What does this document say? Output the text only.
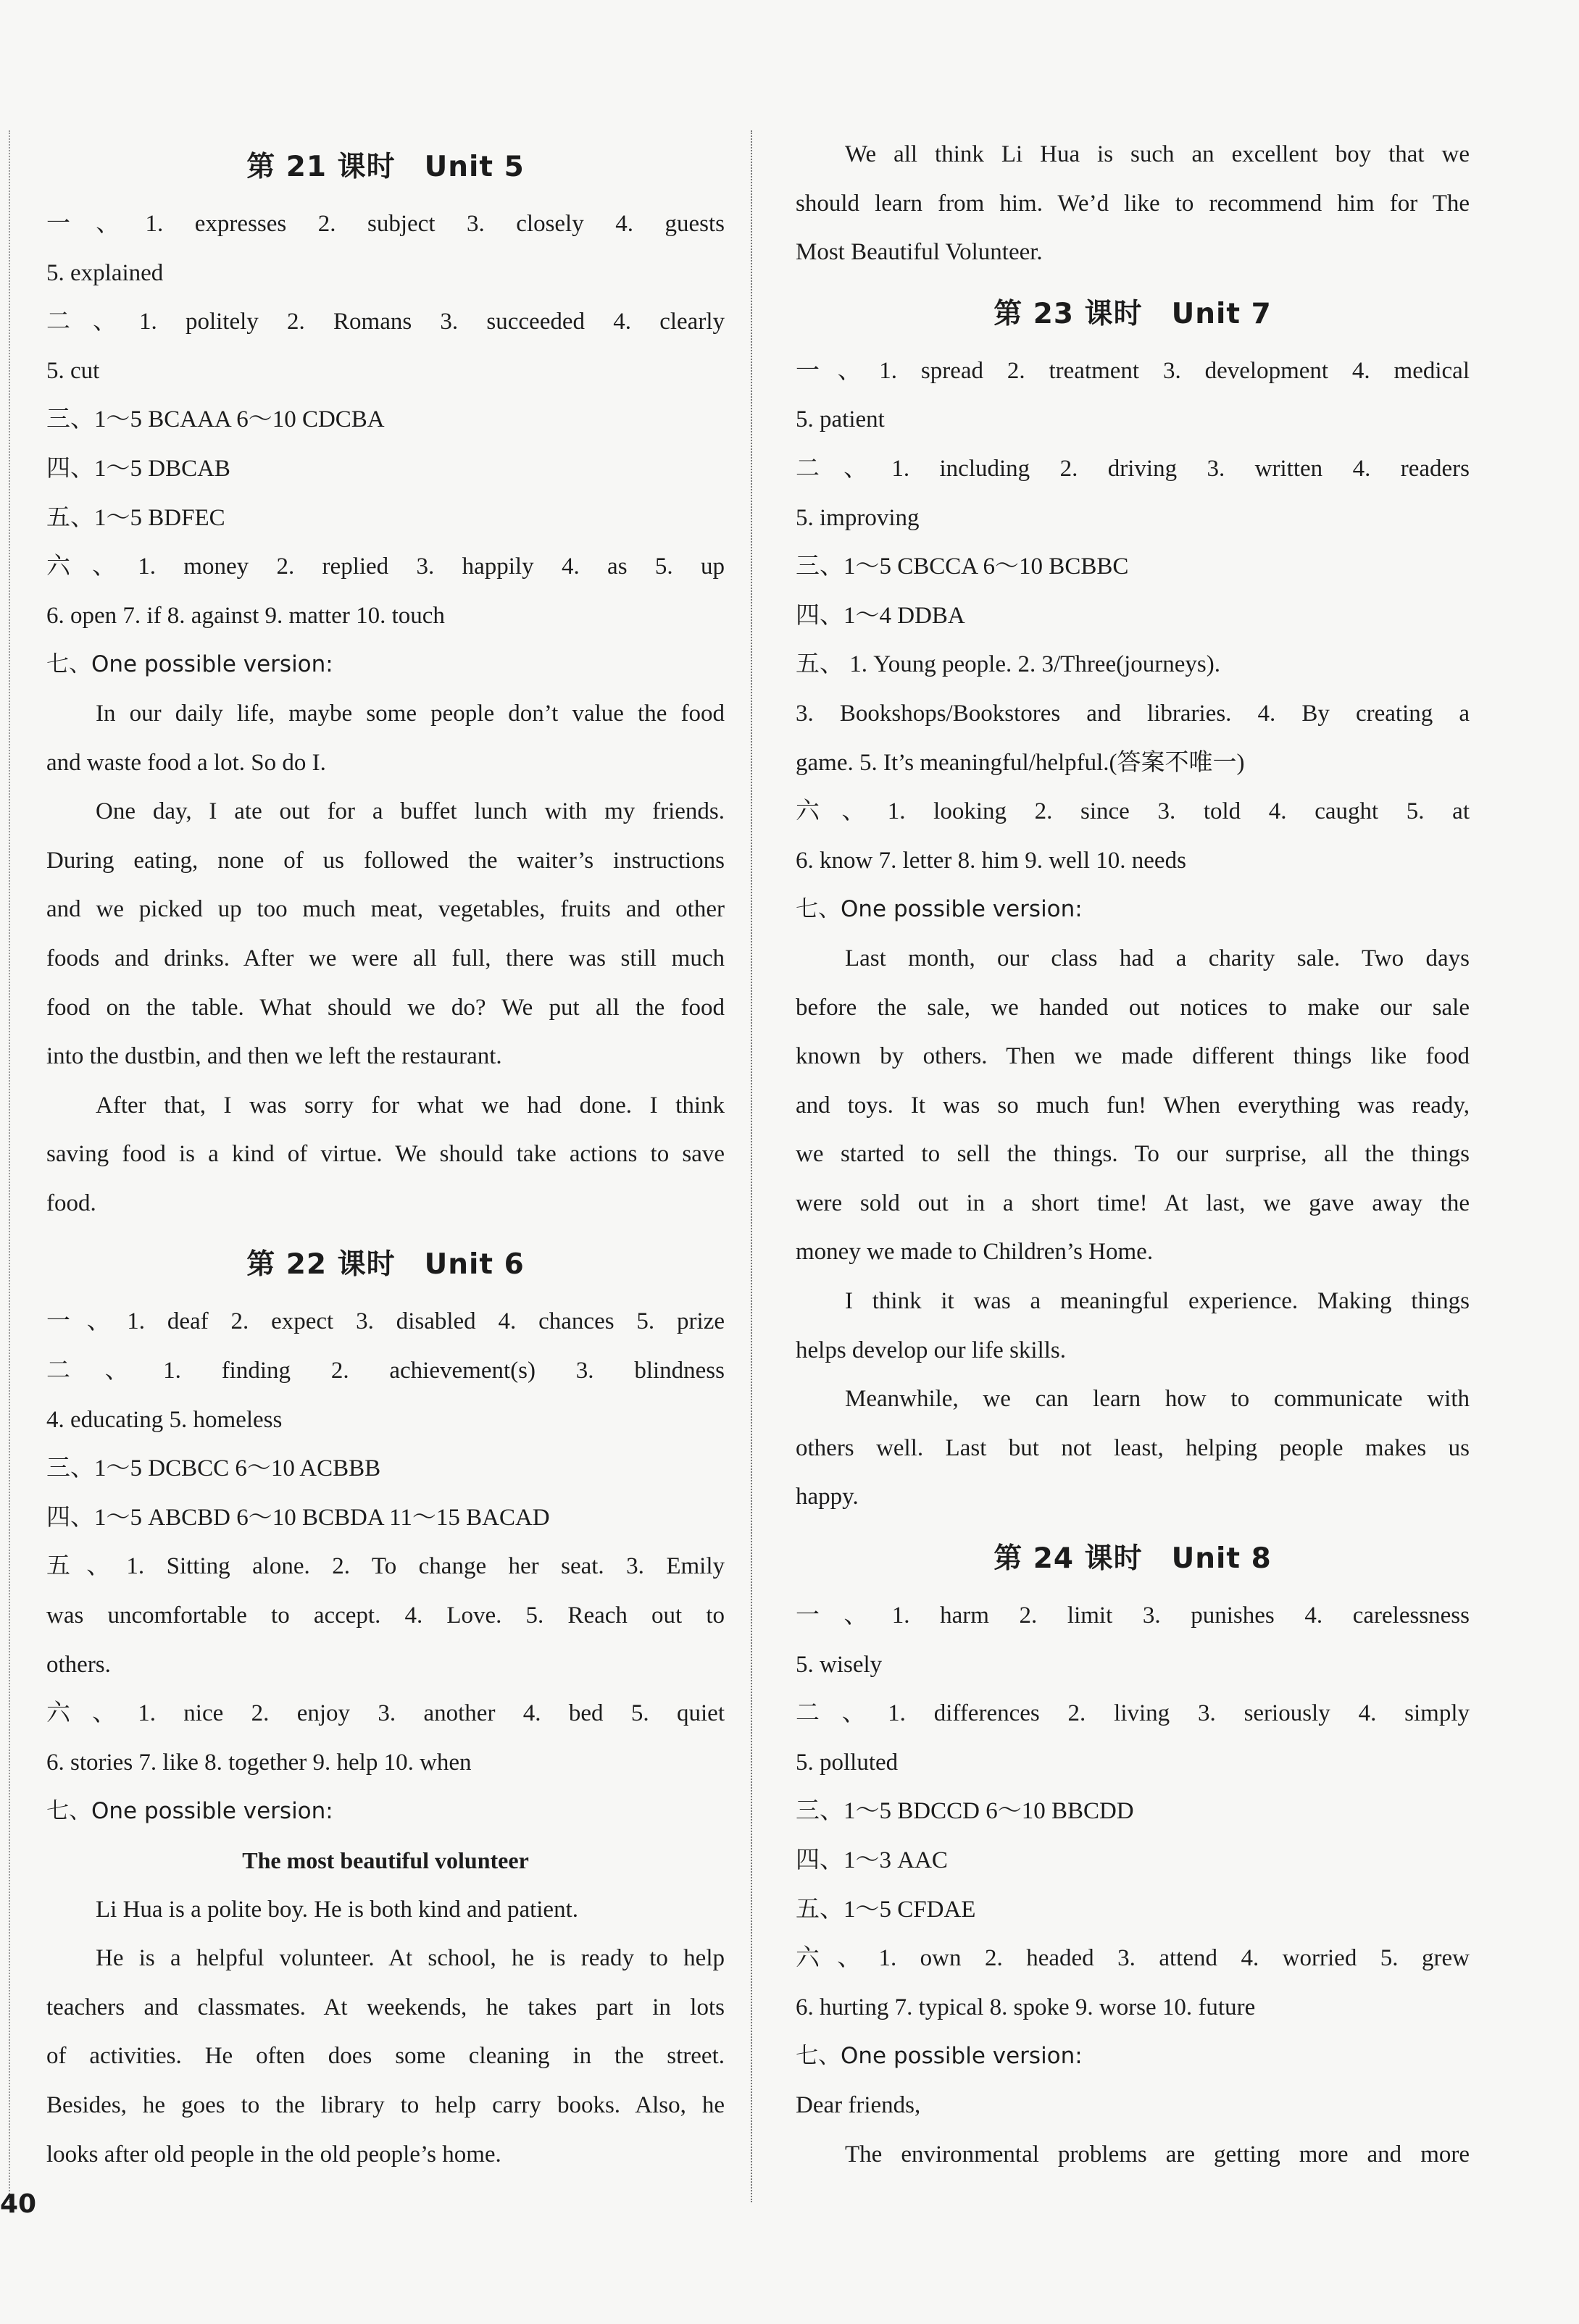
第 21 课时 Unit 5
一、1. expresses 2. subject 3. closely 4. guests
5. explained
二、1. politely 2. Romans 3. succeeded 4. clearly
5. cut
三、1～5 BCAAA 6～10 CDCBA
四、1～5 DBCAB
五、1～5 BDFEC
六、1. money 2. replied 3. happily 4. as 5. up
6. open 7. if 8. against 9. matter 10. touch
七、One possible version:
In our daily life, maybe some people don’t value the food
and waste food a lot. So do I.
One day, I ate out for a buffet lunch with my friends.
During eating, none of us followed the waiter’s instructions
and we picked up too much meat, vegetables, fruits and other
foods and drinks. After we were all full, there was still much
food on the table. What should we do? We put all the food
into the dustbin, and then we left the restaurant.
After that, I was sorry for what we had done. I think
saving food is a kind of virtue. We should take actions to save
food.
第 22 课时 Unit 6
一、1. deaf 2. expect 3. disabled 4. chances 5. prize
二、1. finding 2. achievement(s) 3. blindness
4. educating 5. homeless
三、1～5 DCBCC 6～10 ACBBB
四、1～5 ABCBD 6～10 BCBDA 11～15 BACAD
五、1. Sitting alone. 2. To change her seat. 3. Emily
was uncomfortable to accept. 4. Love. 5. Reach out to
others.
六、1. nice 2. enjoy 3. another 4. bed 5. quiet
6. stories 7. like 8. together 9. help 10. when
七、One possible version:
The most beautiful volunteer
Li Hua is a polite boy. He is both kind and patient.
He is a helpful volunteer. At school, he is ready to help
teachers and classmates. At weekends, he takes part in lots
of activities. He often does some cleaning in the street.
Besides, he goes to the library to help carry books. Also, he
looks after old people in the old people’s home.
We all think Li Hua is such an excellent boy that we
should learn from him. We’d like to recommend him for The
Most Beautiful Volunteer.
第 23 课时 Unit 7
一、1. spread 2. treatment 3. development 4. medical
5. patient
二、1. including 2. driving 3. written 4. readers
5. improving
三、1～5 CBCCA 6～10 BCBBC
四、1～4 DDBA
五、 1. Young people. 2. 3/Three(journeys).
3. Bookshops/Bookstores and libraries. 4. By creating a
game. 5. It’s meaningful/helpful.(答案不唯一)
六、1. looking 2. since 3. told 4. caught 5. at
6. know 7. letter 8. him 9. well 10. needs
七、One possible version:
Last month, our class had a charity sale. Two days
before the sale, we handed out notices to make our sale
known by others. Then we made different things like food
and toys. It was so much fun! When everything was ready,
we started to sell the things. To our surprise, all the things
were sold out in a short time! At last, we gave away the
money we made to Children’s Home.
I think it was a meaningful experience. Making things
helps develop our life skills.
Meanwhile, we can learn how to communicate with
others well. Last but not least, helping people makes us
happy.
第 24 课时 Unit 8
一、1. harm 2. limit 3. punishes 4. carelessness
5. wisely
二、1. differences 2. living 3. seriously 4. simply
5. polluted
三、1～5 BDCCD 6～10 BBCDD
四、1～3 AAC
五、1～5 CFDAE
六、1. own 2. headed 3. attend 4. worried 5. grew
6. hurting 7. typical 8. spoke 9. worse 10. future
七、One possible version:
Dear friends,
The environmental problems are getting more and more
40
